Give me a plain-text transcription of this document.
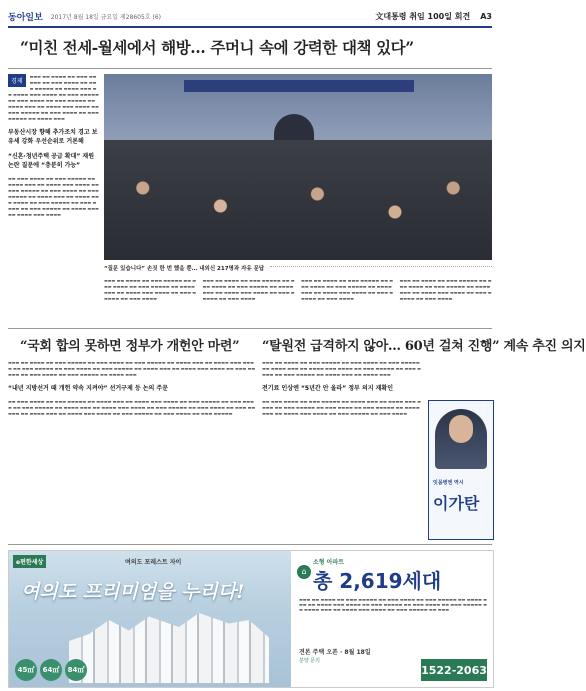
동아일보 2017년 8월 18일 금요일 제28605호 (6)	文대통령 취임 100일 회견 A3
“미친 전세-월세에서 해방… 주머니 속에 강력한 대책 있다”
경제

▬▬▬ ▬▬ ▬▬▬▬ ▬▬ ▬▬▬ ▬▬▬▬▬ ▬▬ ▬▬▬ ▬▬▬▬ ▬▬ ▬▬▬ ▬▬▬▬▬ ▬▬ ▬▬▬▬ ▬▬▬ ▬▬ ▬▬▬▬ ▬▬▬ ▬▬▬▬ ▬▬ ▬▬▬ ▬▬▬▬▬ ▬▬ ▬▬▬ ▬▬▬▬ ▬▬ ▬▬▬ ▬▬▬▬▬ ▬▬ ▬▬▬▬ ▬▬▬ ▬▬ ▬▬▬▬ ▬▬▬ ▬▬▬▬ ▬▬ ▬▬▬ ▬▬▬▬▬ ▬▬ ▬▬▬ ▬▬▬▬ ▬▬ ▬▬▬ ▬▬▬▬▬ ▬▬ ▬▬▬▬ ▬▬▬

부동산시장 향해 추가조치 경고 보유세 강화 우선순위로 거론해
“신혼·청년주택 공급 확대” 재원 논란 질문에 “충분히 가능”

▬▬ ▬▬▬ ▬▬▬▬ ▬▬ ▬▬▬ ▬▬▬▬▬ ▬▬ ▬▬▬▬ ▬▬▬ ▬▬ ▬▬▬▬ ▬▬▬ ▬▬▬▬ ▬▬ ▬▬▬ ▬▬▬▬▬ ▬▬ ▬▬▬ ▬▬▬▬ ▬▬ ▬▬▬ ▬▬▬▬▬ ▬▬ ▬▬▬▬ ▬▬▬ ▬▬ ▬▬▬▬ ▬▬▬ ▬▬▬▬ ▬▬ ▬▬▬ ▬▬▬▬▬ ▬▬ ▬▬▬ ▬▬▬▬ ▬▬ ▬▬▬ ▬▬▬▬▬ ▬▬ ▬▬▬▬ ▬▬▬ ▬▬ ▬▬▬▬ ▬▬▬ ▬▬▬▬

“질문 있습니다” 손짓 한 번 했을 뿐… 내외신 217명과 자유 문답

▬▬▬ ▬▬ ▬▬▬▬ ▬▬ ▬▬▬ ▬▬▬▬▬ ▬▬ ▬▬▬ ▬▬▬▬ ▬▬ ▬▬▬ ▬▬▬▬▬ ▬▬ ▬▬▬▬ ▬▬▬ ▬▬ ▬▬▬▬ ▬▬▬ ▬▬▬▬ ▬▬ ▬▬▬ ▬▬▬▬▬ ▬▬ ▬▬▬ ▬▬▬▬

▬▬▬ ▬▬ ▬▬▬▬ ▬▬ ▬▬▬ ▬▬▬▬▬ ▬▬ ▬▬▬ ▬▬▬▬ ▬▬ ▬▬▬ ▬▬▬▬▬ ▬▬ ▬▬▬▬ ▬▬▬ ▬▬ ▬▬▬▬ ▬▬▬ ▬▬▬▬ ▬▬ ▬▬▬ ▬▬▬▬▬ ▬▬ ▬▬▬ ▬▬▬▬

▬▬▬ ▬▬ ▬▬▬▬ ▬▬ ▬▬▬ ▬▬▬▬▬ ▬▬ ▬▬▬ ▬▬▬▬ ▬▬ ▬▬▬ ▬▬▬▬▬ ▬▬ ▬▬▬▬ ▬▬▬ ▬▬ ▬▬▬▬ ▬▬▬ ▬▬▬▬ ▬▬ ▬▬▬ ▬▬▬▬▬ ▬▬ ▬▬▬ ▬▬▬▬

▬▬▬ ▬▬ ▬▬▬▬ ▬▬ ▬▬▬ ▬▬▬▬▬ ▬▬ ▬▬▬ ▬▬▬▬ ▬▬ ▬▬▬ ▬▬▬▬▬ ▬▬ ▬▬▬▬ ▬▬▬ ▬▬ ▬▬▬▬ ▬▬▬ ▬▬▬▬ ▬▬ ▬▬▬ ▬▬▬▬▬ ▬▬ ▬▬▬ ▬▬▬▬

“국회 합의 못하면 정부가 개헌안 마련”	“탈원전 급격하지 않아… 60년 걸쳐 진행” 계속 추진 의지

▬▬▬ ▬▬ ▬▬▬▬ ▬▬ ▬▬▬ ▬▬▬▬▬ ▬▬ ▬▬▬ ▬▬▬▬ ▬▬ ▬▬▬ ▬▬▬▬▬ ▬▬ ▬▬▬▬ ▬▬▬ ▬▬ ▬▬▬▬ ▬▬▬ ▬▬▬▬ ▬▬ ▬▬▬ ▬▬▬▬▬ ▬▬ ▬▬▬ ▬▬▬▬ ▬▬ ▬▬▬ ▬▬▬▬▬ ▬▬ ▬▬▬▬ ▬▬▬ ▬▬ ▬▬▬▬ ▬▬▬ ▬▬▬▬ ▬▬ ▬▬▬ ▬▬▬▬▬ ▬▬ ▬▬▬ ▬▬▬▬ ▬▬ ▬▬▬ ▬▬▬▬▬ ▬▬ ▬▬▬▬ ▬▬▬

“내년 지방선거 때 개헌 약속 지켜야” 선거구제 등 논의 주문

▬▬ ▬▬▬ ▬▬▬▬ ▬▬ ▬▬▬ ▬▬▬▬▬ ▬▬ ▬▬▬▬ ▬▬▬ ▬▬ ▬▬▬▬ ▬▬▬ ▬▬▬▬ ▬▬ ▬▬▬ ▬▬▬▬▬ ▬▬ ▬▬▬ ▬▬▬▬ ▬▬ ▬▬▬ ▬▬▬▬▬ ▬▬ ▬▬▬▬ ▬▬▬ ▬▬ ▬▬▬▬ ▬▬▬ ▬▬▬▬ ▬▬ ▬▬▬ ▬▬▬▬▬ ▬▬ ▬▬▬ ▬▬▬▬ ▬▬ ▬▬▬ ▬▬▬▬▬ ▬▬ ▬▬▬▬ ▬▬▬ ▬▬ ▬▬▬▬ ▬▬▬ ▬▬▬▬ ▬▬ ▬▬▬ ▬▬▬▬▬ ▬▬ ▬▬▬ ▬▬▬▬ ▬▬ ▬▬▬ ▬▬▬▬▬

▬▬▬ ▬▬ ▬▬▬▬ ▬▬ ▬▬▬ ▬▬▬▬▬ ▬▬ ▬▬▬ ▬▬▬▬ ▬▬ ▬▬▬ ▬▬▬▬▬ ▬▬ ▬▬▬▬ ▬▬▬ ▬▬ ▬▬▬▬ ▬▬▬ ▬▬▬▬ ▬▬ ▬▬▬ ▬▬▬▬▬ ▬▬ ▬▬▬ ▬▬▬▬ ▬▬ ▬▬▬ ▬▬▬▬▬ ▬▬ ▬▬▬▬ ▬▬▬ ▬▬ ▬▬▬▬ ▬▬▬

전기료 인상엔 “5년간 안 올라” 정부 의지 재확인

▬▬ ▬▬▬ ▬▬▬▬ ▬▬ ▬▬▬ ▬▬▬▬▬ ▬▬ ▬▬▬▬ ▬▬▬ ▬▬ ▬▬▬▬ ▬▬▬ ▬▬▬▬ ▬▬ ▬▬▬ ▬▬▬▬▬ ▬▬ ▬▬▬ ▬▬▬▬ ▬▬ ▬▬▬ ▬▬▬▬▬ ▬▬ ▬▬▬▬ ▬▬▬ ▬▬ ▬▬▬▬ ▬▬▬ ▬▬▬▬ ▬▬ ▬▬▬ ▬▬▬▬▬ ▬▬ ▬▬▬ ▬▬▬▬

잇몸병엔 역시
이가탄
e편한세상	여의도 포레스트 자이
여의도 프리미엄을 누리다!
45㎡	64㎡	84㎡
⌂
소형 아파트
총 2,619세대

▬▬▬ ▬▬ ▬▬▬▬ ▬▬ ▬▬▬ ▬▬▬▬▬ ▬▬ ▬▬▬ ▬▬▬▬ ▬▬ ▬▬▬ ▬▬▬▬▬ ▬▬ ▬▬▬▬ ▬▬▬ ▬▬ ▬▬▬▬ ▬▬▬ ▬▬▬▬ ▬▬ ▬▬▬ ▬▬▬▬▬ ▬▬ ▬▬▬ ▬▬▬▬ ▬▬ ▬▬▬ ▬▬▬▬▬ ▬▬ ▬▬▬▬ ▬▬▬ ▬▬ ▬▬▬▬ ▬▬▬ ▬▬▬▬ ▬▬ ▬▬▬ ▬▬▬▬▬ ▬▬ ▬▬▬

견본 주택 오픈 · 8월 18일
분양 문의
1522-2063
